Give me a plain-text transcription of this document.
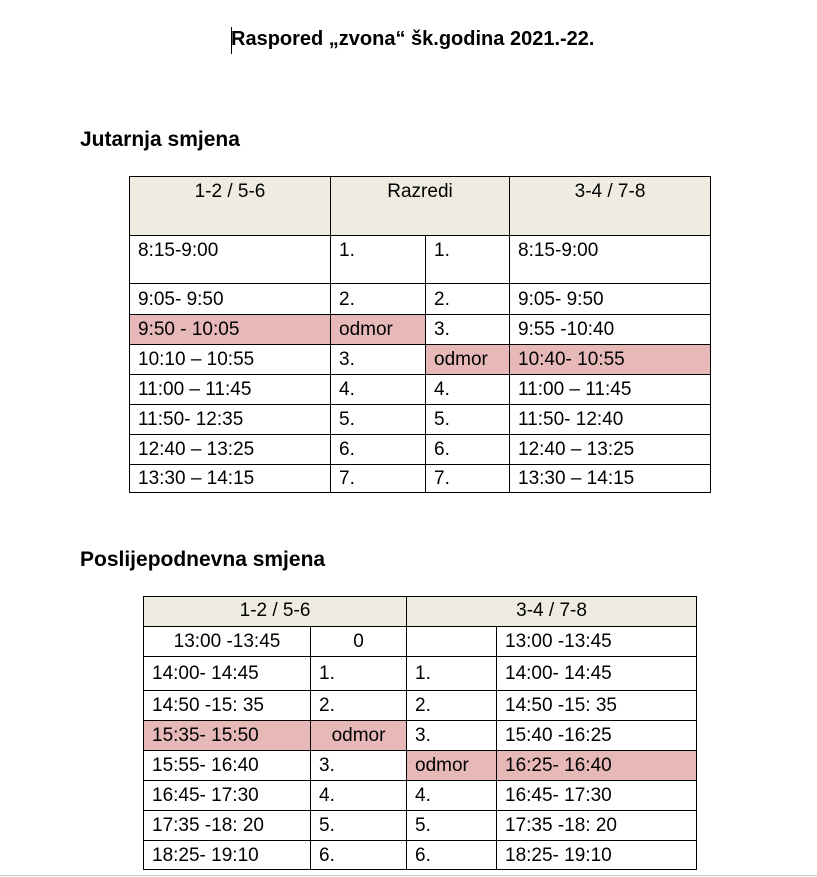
Raspored „zvona“ šk.godina 2021.-22.
Jutarnja smjena
1-2 / 5-6	Razredi		3-4 / 7-8
8:15-9:00	1.	1.	8:15-9:00
9:05- 9:50	2.	2.	9:05- 9:50
9:50 - 10:05	odmor	3.	9:55 -10:40
10:10 – 10:55	3.	odmor	10:40- 10:55
11:00 – 11:45	4.	4.	11:00 – 11:45
11:50- 12:35	5.	5.	11:50- 12:40
12:40 – 13:25	6.	6.	12:40 – 13:25
13:30 – 14:15	7.	7.	13:30 – 14:15
Poslijepodnevna smjena
1-2 / 5-6		3-4 / 7-8	
13:00 -13:45	0		13:00 -13:45
14:00- 14:45	1.	1.	14:00- 14:45
14:50 -15: 35	2.	2.	14:50 -15: 35
15:35- 15:50	odmor	3.	15:40 -16:25
15:55- 16:40	3.	odmor	16:25- 16:40
16:45- 17:30	4.	4.	16:45- 17:30
17:35 -18: 20	5.	5.	17:35 -18: 20
18:25- 19:10	6.	6.	18:25- 19:10
